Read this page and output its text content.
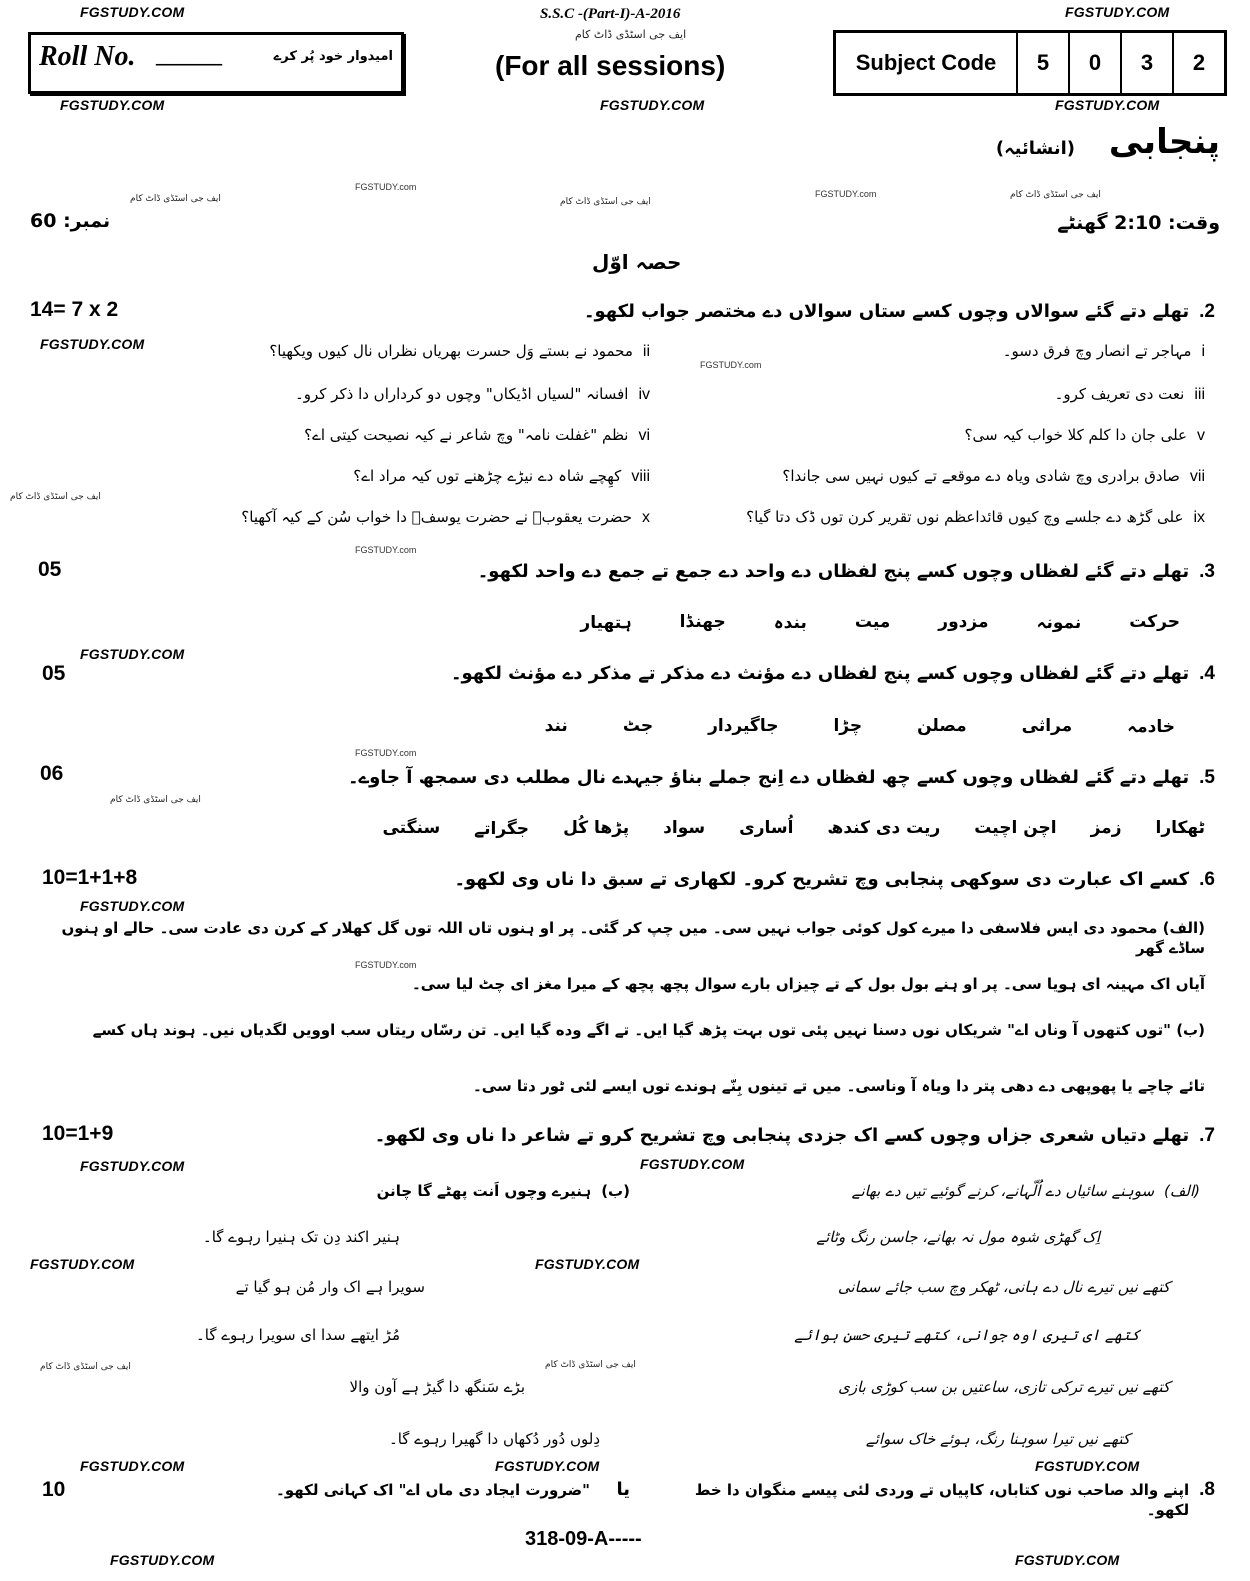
FGSTUDY.COM	FGSTUDY.COM
FGSTUDY.COM	FGSTUDY.COM	FGSTUDY.COM
FGSTUDY.com
FGSTUDY.com
ایف جی اسٹڈی ڈاٹ کام	ایف جی اسٹڈی ڈاٹ کام
ایف جی اسٹڈی ڈاٹ کام
FGSTUDY.COM
FGSTUDY.com
ایف جی اسٹڈی ڈاٹ کام
FGSTUDY.com
FGSTUDY.COM
FGSTUDY.com
ایف جی اسٹڈی ڈاٹ کام
FGSTUDY.COM
FGSTUDY.com
FGSTUDY.COM	FGSTUDY.COM
FGSTUDY.COM	FGSTUDY.COM
ایف جی اسٹڈی ڈاٹ کام	ایف جی اسٹڈی ڈاٹ کام
FGSTUDY.COM	FGSTUDY.COM	FGSTUDY.COM
FGSTUDY.COM	FGSTUDY.COM
S.S.C -(Part-I)-A-2016
ایف جی اسٹڈی ڈاٹ کام
(For all sessions)
Roll No. ______	امیدوار خود پُر کرے	Subject Code	5	0	3	2
پنجابی
(انشائیہ)
وقت: 2:10 گھنٹے
نمبر: 60
حصہ اوّل
14= 7 x 2	2.
تھلے دتے گئے سوالاں وچوں کسے ستاں سوالاں دے مختصر جواب لکھو۔
i
مہاجر تے انصار وچ فرق دسو۔
ii
محمود نے بستے وَل حسرت بھریاں نظراں نال کیوں ویکھیا؟
iii
نعت دی تعریف کرو۔
iv
افسانہ "لسیاں اڈیکاں" وچوں دو کرداراں دا ذکر کرو۔
v
علی جان دا کلم کلا خواب کیہ سی؟
vi
نظم "غفلت نامہ" وچ شاعر نے کیہ نصیحت کیتی اے؟
vii
صادق برادری وچ شادی ویاہ دے موقعے تے کیوں نہیں سی جاندا؟
viii
کھِچے شاہ دے نیڑے چڑھنے توں کیہ مراد اے؟
ix
علی گڑھ دے جلسے وچ کیوں قائداعظم نوں تقریر کرن توں ڈک دتا گیا؟
x
حضرت یعقوبؑ نے حضرت یوسفؑ دا خواب سُن کے کیہ آکھیا؟
05	3.
تھلے دتے گئے لفظاں وچوں کسے پنج لفظاں دے واحد دے جمع تے جمع دے واحد لکھو۔
حرکت
نمونہ
مزدور
میت
بندہ
جھنڈا
ہتھیار
05	4.
تھلے دتے گئے لفظاں وچوں کسے پنج لفظاں دے مؤنث دے مذکر تے مذکر دے مؤنث لکھو۔
خادمہ
مراثی
مصلن
چڑا
جاگیردار
جٹ
نند
06	5.
تھلے دتے گئے لفظاں وچوں کسے چھ لفظاں دے اِنج جملے بناؤ جیہدے نال مطلب دی سمجھ آ جاوے۔
ٹھکارا
زمز
اچن اچیت
ریت دی کندھ
اُساری
سواد
پڑھا کُل
جگراتے
سنگتی
10=1+1+8	6.
کسے اک عبارت دی سوکھی پنجابی وچ تشریح کرو۔ لکھاری تے سبق دا ناں وی لکھو۔
(الف) محمود دی ایس فلاسفی دا میرے کول کوئی جواب نہیں سی۔ میں چپ کر گئی۔ پر او ہنوں تاں اللہ توں گل کھلار کے کرن دی عادت سی۔ حالے او ہنوں ساڈے گھر
آیاں اک مہینہ ای ہویا سی۔ پر او ہنے بول بول کے تے چیزاں بارے سوال پچھ پچھ کے میرا مغز ای چٹ لیا سی۔
(ب) "توں کتھوں آ وناں اے" شریکاں نوں دسنا نہیں پئی توں بہت پڑھ گیا ایں۔ تے اگے وده گیا ایں۔ تن رسّاں ریتاں سب اوویں لگدیاں نیں۔ ہوند ہاں کسے
تائے چاچے یا پھوپھی دے دھی پتر دا ویاہ آ وناسی۔ میں تے تینوں بِنّے ہوندے توں ایسے لئی ٹور دتا سی۔
10=1+9	7.
تھلے دتیاں شعری جزاں وچوں کسے اک جزدی پنجابی وچ تشریح کرو تے شاعر دا ناں وی لکھو۔
(الف)
سوہنے سائیاں دے اُلّہانے، کرنے گوئیے تیں دے بھانے
اِک گھڑی شوہ مول نہ بھانے، جاسن رنگ وٹائے
کتھے نیں تیرے نال دے ہانی، ٹھکر وچ سب جائے سمانی
کتھے ای تیری اوہ جوانی، کتھے تیری حسن ہوائے
کتھے نیں تیرے ترکی تازی، ساعتیں بن سب کوڑی بازی
کتھے نیں تیرا سوہنا رنگ، ہوئے خاک سوائے
(ب)
ہنیرے وچوں اَنت پھٹے گا چانن
ہنیر اکند دِن تک ہنیرا رہوے گا۔
سویرا ہے اک وار مُن ہو گیا تے
مُڑ ایتھے سدا ای سویرا رہوے گا۔
بڑے سَنگھ دا گیڑ ہے آون والا
دِلوں دُور دُکھاں دا گھیرا رہوے گا۔
10	8.
اپنے والد صاحب نوں کتاباں، کاپیاں تے وردی لئی پیسے منگوان دا خط لکھو۔
یا
"ضرورت ایجاد دی ماں اے" اک کہانی لکھو۔
318-09-A-----
